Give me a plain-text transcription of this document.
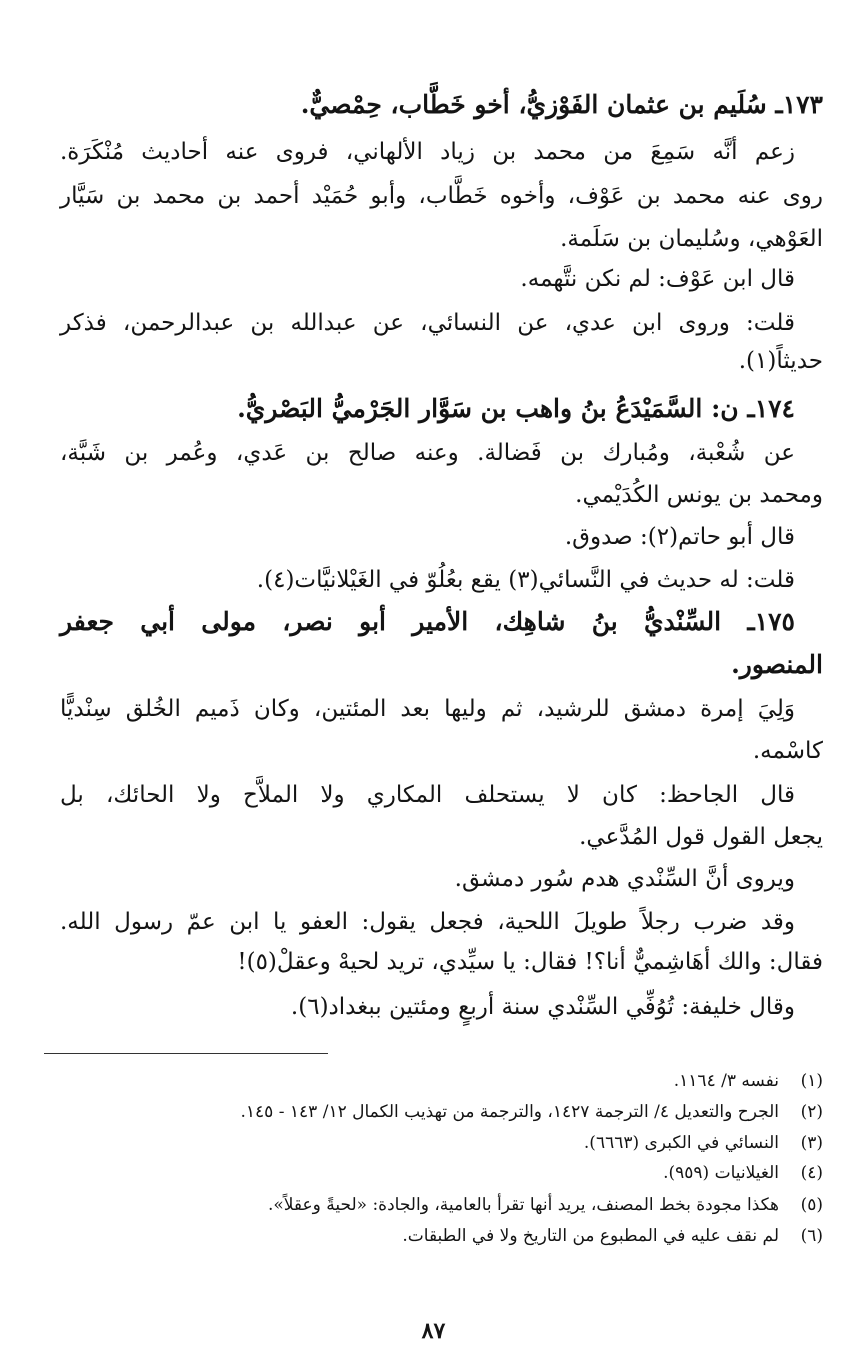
١٧٣ـ سُلَيم بن عثمان الفَوْزيُّ، أخو خَطَّاب، حِمْصيٌّ.
زعم أنَّه سَمِعَ من محمد بن زياد الألهاني، فروى عنه أحاديث مُنْكَرَة.
روى عنه محمد بن عَوْف، وأخوه خَطَّاب، وأبو حُمَيْد أحمد بن محمد بن سَيَّار
العَوْهي، وسُليمان بن سَلَمة.
قال ابن عَوْف: لم نكن نتَّهمه.
قلت: وروى ابن عدي، عن النسائي، عن عبدالله بن عبدالرحمن، فذكر
حديثاً(١).
١٧٤ـ ن: السَّمَيْدَعُ بنُ واهب بن سَوَّار الجَرْميُّ البَصْريُّ.
عن شُعْبة، ومُبارك بن فَضالة. وعنه صالح بن عَدي، وعُمر بن شَبَّة،
ومحمد بن يونس الكُدَيْمي.
قال أبو حاتم(٢): صدوق.
قلت: له حديث في النَّسائي(٣) يقع بعُلُوّ في الغَيْلانيَّات(٤).
١٧٥ـ السِّنْديُّ بنُ شاهِك، الأمير أبو نصر، مولى أبي جعفر
المنصور.
وَلِيَ إمرة دمشق للرشيد، ثم وليها بعد المئتين، وكان ذَميم الخُلق سِنْديًّا
كاسْمه.
قال الجاحظ: كان لا يستحلف المكاري ولا الملاَّح ولا الحائك، بل
يجعل القول قول المُدَّعي.
ويروى أنَّ السِّنْدي هدم سُور دمشق.
وقد ضرب رجلاً طويلَ اللحية، فجعل يقول: العفو يا ابن عمّ رسول الله.
فقال: والك أهَاشِميٌّ أنا؟! فقال: يا سيِّدي، تريد لحيهْ وعقلْ(٥)!
وقال خليفة: تُوُفِّي السِّنْدي سنة أربعٍ ومئتين ببغداد(٦).
(١)نفسه ٣/ ١١٦٤.
(٢)الجرح والتعديل ٤/ الترجمة ١٤٢٧، والترجمة من تهذيب الكمال ١٢/ ١٤٣ - ١٤٥.
(٣)النسائي في الكبرى (٦٦٦٣).
(٤)الغيلانيات (٩٥٩).
(٥)هكذا مجودة بخط المصنف، يريد أنها تقرأ بالعامية، والجادة: «لحيةً وعقلاً».
(٦)لم نقف عليه في المطبوع من التاريخ ولا في الطبقات.
٨٧
